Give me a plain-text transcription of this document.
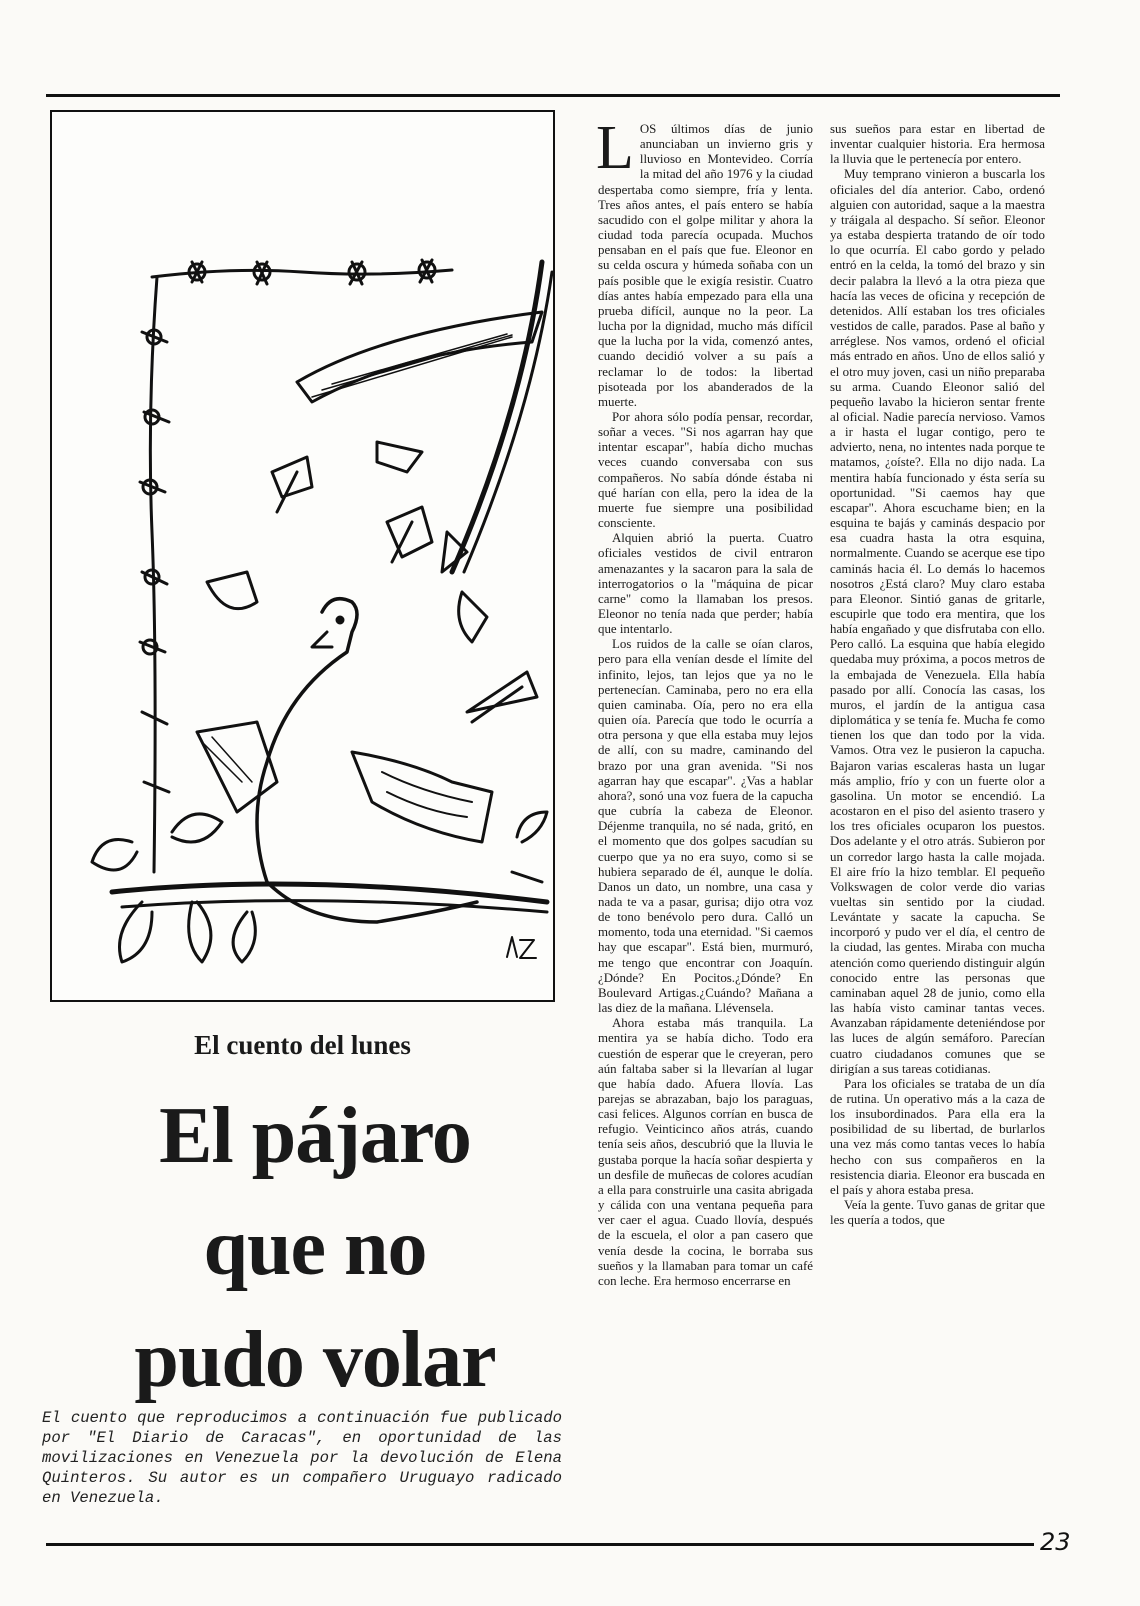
El cuento del lunes
El pájaro
que no
pudo volar
El cuento que reproducimos a continuación fue publicado por "El Diario de Caracas", en oportunidad de las movilizaciones en Venezuela por la devolución de Elena Quinteros. Su autor es un compañero Uruguayo radicado en Venezuela.

LOS últimos días de junio anunciaban un invierno gris y lluvioso en Montevideo. Corría la mitad del año 1976 y la ciudad despertaba como siempre, fría y lenta. Tres años antes, el país entero se había sacudido con el golpe militar y ahora la ciudad toda parecía ocupada. Muchos pensaban en el país que fue. Eleonor en su celda oscura y húmeda soñaba con un país posible que le exigía resistir. Cuatro días antes había empezado para ella una prueba difícil, aunque no la peor. La lucha por la dignidad, mucho más difícil que la lucha por la vida, comenzó antes, cuando decidió volver a su país a reclamar lo de todos: la libertad pisoteada por los abanderados de la muerte.

Por ahora sólo podía pensar, recordar, soñar a veces. "Si nos agarran hay que intentar escapar", había dicho muchas veces cuando conversaba con sus compañeros. No sabía dónde éstaba ni qué harían con ella, pero la idea de la muerte fue siempre una posibilidad consciente.

Alquien abrió la puerta. Cuatro oficiales vestidos de civil entraron amenazantes y la sacaron para la sala de interrogatorios o la "máquina de picar carne" como la llamaban los presos. Eleonor no tenía nada que perder; había que intentarlo.

Los ruidos de la calle se oían claros, pero para ella venían desde el límite del infinito, lejos, tan lejos que ya no le pertenecían. Caminaba, pero no era ella quien caminaba. Oía, pero no era ella quien oía. Parecía que todo le ocurría a otra persona y que ella estaba muy lejos de allí, con su madre, caminando del brazo por una gran avenida. "Si nos agarran hay que escapar". ¿Vas a hablar ahora?, sonó una voz fuera de la capucha que cubría la cabeza de Eleonor. Déjenme tranquila, no sé nada, gritó, en el momento que dos golpes sacudían su cuerpo que ya no era suyo, como si se hubiera separado de él, aunque le dolía. Danos un dato, un nombre, una casa y nada te va a pasar, gurisa; dijo otra voz de tono benévolo pero dura. Calló un momento, toda una eternidad. "Si caemos hay que escapar". Está bien, murmuró, me tengo que encontrar con Joaquín.¿Dónde? En Pocitos.¿Dónde? En Boulevard Artigas.¿Cuándo? Mañana a las diez de la mañana. Llévensela.

Ahora estaba más tranquila. La mentira ya se había dicho. Todo era cuestión de esperar que le creyeran, pero aún faltaba saber si la llevarían al lugar que había dado. Afuera llovía. Las parejas se abrazaban, bajo los paraguas, casi felices. Algunos corrían en busca de refugio. Veinticinco años atrás, cuando tenía seis años, descubrió que la lluvia le gustaba porque la hacía soñar despierta y un desfile de muñecas de colores acudían a ella para construirle una casita abrigada y cálida con una ventana pequeña para ver caer el agua. Cuado llovía, después de la escuela, el olor a pan casero que venía desde la cocina, le borraba sus sueños y la llamaban para tomar un café con leche. Era hermoso encerrarse en

sus sueños para estar en libertad de inventar cualquier historia. Era hermosa la lluvia que le pertenecía por entero.

Muy temprano vinieron a buscarla los oficiales del día anterior. Cabo, ordenó alguien con autoridad, saque a la maestra y tráigala al despacho. Sí señor. Eleonor ya estaba despierta tratando de oír todo lo que ocurría. El cabo gordo y pelado entró en la celda, la tomó del brazo y sin decir palabra la llevó a la otra pieza que hacía las veces de oficina y recepción de detenidos. Allí estaban los tres oficiales vestidos de calle, parados. Pase al baño y arréglese. Nos vamos, ordenó el oficial más entrado en años. Uno de ellos salió y el otro muy joven, casi un niño preparaba su arma. Cuando Eleonor salió del pequeño lavabo la hicieron sentar frente al oficial. Nadie parecía nervioso. Vamos a ir hasta el lugar contigo, pero te advierto, nena, no intentes nada porque te matamos, ¿oíste?. Ella no dijo nada. La mentira había funcionado y ésta sería su oportunidad. "Si caemos hay que escapar". Ahora escuchame bien; en la esquina te bajás y caminás despacio por esa cuadra hasta la otra esquina, normalmente. Cuando se acerque ese tipo caminás hacia él. Lo demás lo hacemos nosotros ¿Está claro? Muy claro estaba para Eleonor. Sintió ganas de gritarle, escupirle que todo era mentira, que los había engañado y que disfrutaba con ello. Pero calló. La esquina que había elegido quedaba muy próxima, a pocos metros de la embajada de Venezuela. Ella había pasado por allí. Conocía las casas, los muros, el jardín de la antigua casa diplomática y se tenía fe. Mucha fe como tienen los que dan todo por la vida. Vamos. Otra vez le pusieron la capucha. Bajaron varias escaleras hasta un lugar más amplio, frío y con un fuerte olor a gasolina. Un motor se encendió. La acostaron en el piso del asiento trasero y los tres oficiales ocuparon los puestos. Dos adelante y el otro atrás. Subieron por un corredor largo hasta la calle mojada. El aire frío la hizo temblar. El pequeño Volkswagen de color verde dio varias vueltas sin sentido por la ciudad. Levántate y sacate la capucha. Se incorporó y pudo ver el día, el centro de la ciudad, las gentes. Miraba con mucha atención como queriendo distinguir algún conocido entre las personas que caminaban aquel 28 de junio, como ella las había visto caminar tantas veces. Avanzaban rápidamente deteniéndose por las luces de algún semáforo. Parecían cuatro ciudadanos comunes que se dirigían a sus tareas cotidianas.

Para los oficiales se trataba de un día de rutina. Un operativo más a la caza de los insubordinados. Para ella era la posibilidad de su libertad, de burlarlos una vez más como tantas veces lo había hecho con sus compañeros en la resistencia diaria. Eleonor era buscada en el país y ahora estaba presa.

Veía la gente. Tuvo ganas de gritar que les quería a todos, que

23
